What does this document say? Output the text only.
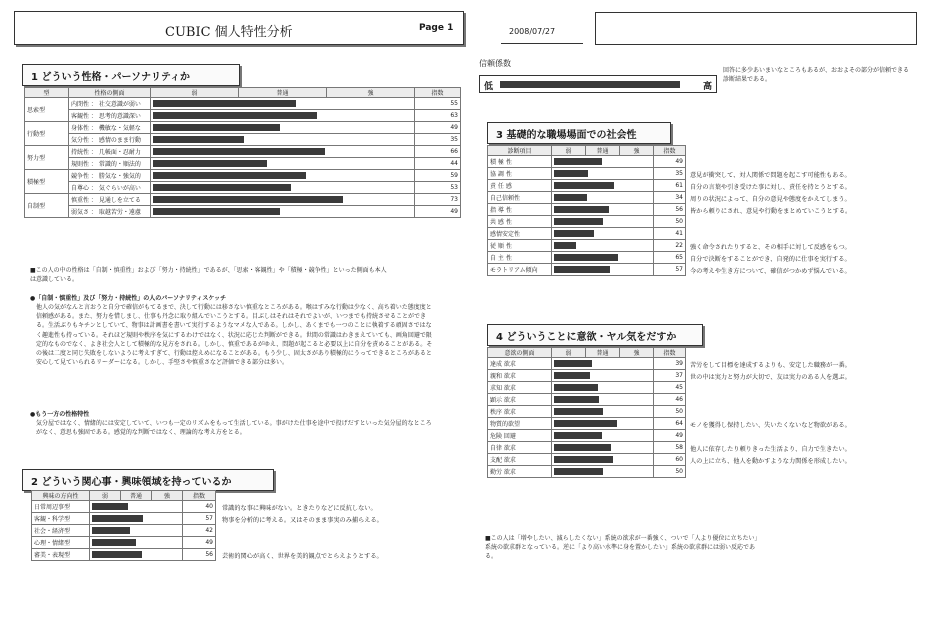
CUBIC 個人特性分析	Page 1
1 どういう性格・パーソナリティか
型	性格の側面	弱	普通	強	指数
思索型	内閉性 ： 社交意識が弱い				55
	客観性 ： 思考的意識深い				63
行動型	身体性 ： 機敏な・気軽な				49
	気分性 ： 感情のまま行動				35
努力型	持続性 ： 几帳面・忍耐力				66
	規則性 ： 常識的・順法的				44
積極型	競争性 ： 勝気な・強気的				59
	自尊心 ： 気ぐらいが高い				53
自制型	慎重性 ： 見通しを立てる				73
	弱気さ ： 取越苦労・遠慮				49
■この人の中の性格は「自制・慎重性」および「努力・持続性」であるが、「思索・客観性」や「積極・競争性」といった側面も本人は意識している。
●「自制・慎重性」及び「努力・持続性」の人のパーソナリティスケッチ
他人の気がなんと言おうと自分で確信がもてるまで、決して行動には移さない慎重なところがある。喉はすみな行動は少なく、高ち着いた態度度と信頼感がある。また、努力を惜しまし、仕事も丹念に取り組んでいこうとする。目ぶしはそれはそれでよいが、いつまでも持続させることができる。生活ぶりもキチンとしていて、物事は計画書を書いて実行するようなマメな人である。しかし、あくまでも一つのことに執着する頑固さではなく趣進性も持っている。それほど規則や秩序を気にするわけではなく、状況に応じた判断ができる。世間の常識はわきまえていても、画角回避で限定的なものでなく、よき社会人として積極的な見方をされる。しかし、慎重であるがゆえ、問題が起こると必要以上に自分を責めることがある。その後は二度と同じ失敗をしないように考えすぎて、行動は控えめになることがある。もう少し、固太さがあり積極的にうってできるところがあると安心して見ていられるリーダーになる。しかし、手堅さや慎重さなど評価できる部分は多い。
●もう一方の性格特性
気分屋ではなく、情緒的には安定していて、いつも一定のリズムをもって生活している。事がけた仕事を途中で投げだすといった気分屋的なところがなく、意思も強固である。感覚的な判断ではなく、理論的な考え方をとる。
2 どういう関心事・興味領域を持っているか
興味の方向性	弱	普通	強	指数
日常周辺事型				40
客観・科学型				57
社会・経済型				42
心理・情緒型				49
審美・表現型				56
常識的な事に興味がない。ときたりなどに反抗しない。
物事を分析的に考える。又はそのまま事実のみ捕らえる。
芸術的関心が高く、世界を美的観点でとらえようとする。
2008/07/27
信頼係数
低	高
回答に多少あいまいなところもあるが、おおよその部分が信頼できる診断結果である。
3 基礎的な職場場面での社会性
診断項目	弱	普通	強	指数
積 極 性				49
協 調 性				35
責 任 感				61
自己信頼性				34
指 導 性				56
共 感 性				50
感情安定性				41
従 順 性				22
自 主 性				65
モラトリアム傾向				57
4 どういうことに意欲・ヤル気をだすか
意欲の側面	弱	普通	強	指数
達成 欲求				39
親和 欲求				37
求知 欲求				45
顕示 欲求				46
秩序 欲求				50
物質的欲望				64
危険 回避				49
自律 欲求				58
支配 欲求				60
勤労 欲求				50
■この人は「増やしたい、減らしたくない」系統の欲求が一番強く、ついで「人より優位に立ちたい」系統の欲求群となっている。逆に「より高い水準に身を置かしたい」系統の欲求群には弱い反応である。
意見が衝突して、対人関係で問題を起こす可能性もある。
自分の言葉や引き受けた事に対し、責任を持とうとする。
周りの状況によって、自分の意見や態度をかえてしまう。
皆から頼りにされ、意見や行動をまとめていこうとする。
強く命令されたりすると、その相手に対して反感をもつ。
自分で決断をすることができ、自発的に仕事を実行する。
今の考えや生き方について、確信がつかめず悩んでいる。
苦労をして目標を達成するよりも、安定した職務が一番。
世の中は実力と努力が大切で、友は実力のある人を選ぶ。
モノを獲得し保持したい、失いたくないなど物欲がある。
他人に依存したり頼りきった生活より、自力で生きたい。
人の上に立ち、他人を動かすような力関係を形成したい。
